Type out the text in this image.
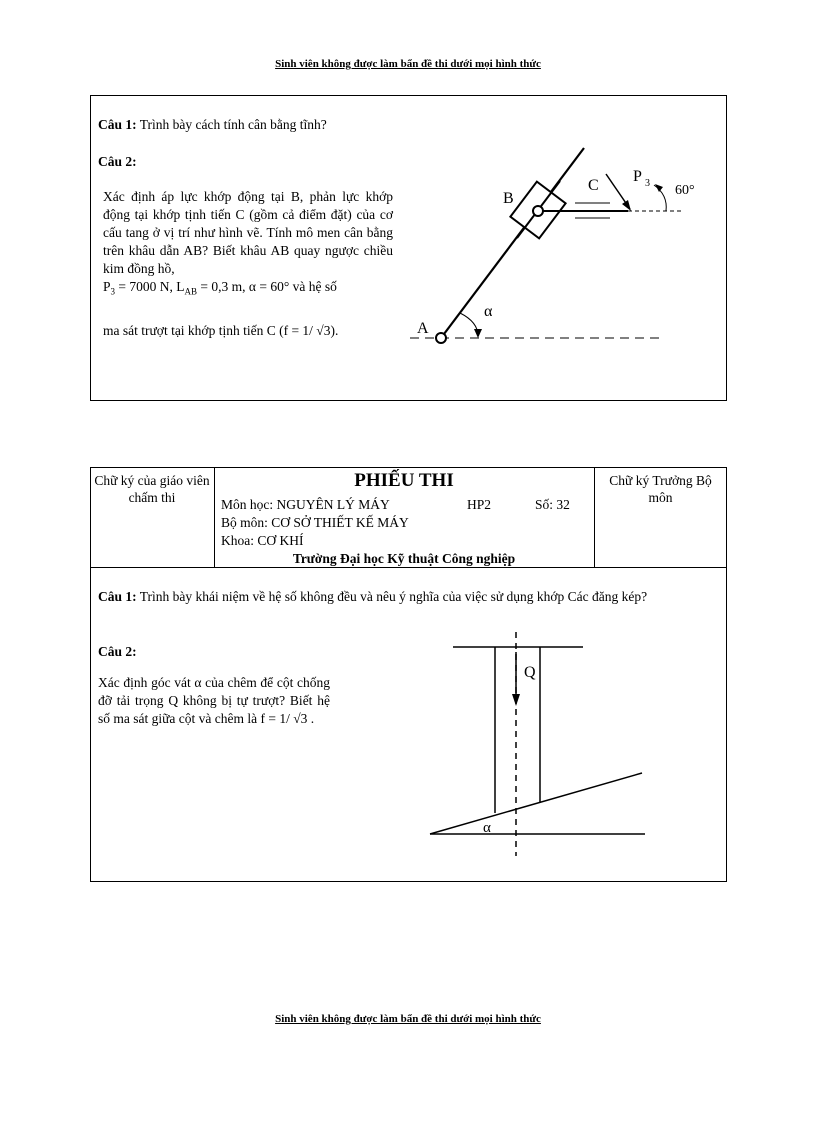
Sinh viên không được làm bẩn đề thi dưới mọi hình thức
Câu 1: Trình bày cách tính cân bằng tĩnh?
Câu 2:

Xác định áp lực khớp động tại B, phản lực khớp động tại khớp tịnh tiến C (gồm cả điểm đặt) của cơ cấu tang ở vị trí như hình vẽ. Tính mô men cân bằng trên khâu dẫn AB? Biết khâu AB quay ngược chiều kim đồng hồ,

$P_3 = 7000$ N, $L_{AB} = 0,3$ m, α = 60° và hệ số

ma sát trượt tại khớp tịnh tiến C (f = 1/ √3).	A
B
C
P 3 60°
α
Chữ ký của giáo viên chấm thi
Chữ ký Trưởng Bộ môn
PHIẾU THI
Môn học: NGUYÊN LÝ MÁY	HP2	Số: 32
Bộ môn: CƠ SỞ THIẾT KẾ MÁY
Khoa: CƠ KHÍ
Trường Đại học Kỹ thuật Công nghiệp
Câu 1: Trình bày khái niệm về hệ số không đều và nêu ý nghĩa của việc sử dụng khớp Các đăng kép?
Câu 2:
Xác định góc vát α của chêm để cột chống đỡ tải trọng Q không bị tự trượt? Biết hệ số ma sát giữa cột và chêm là f = 1/ √3 .
Q
α
Sinh viên không được làm bẩn đề thi dưới mọi hình thức
